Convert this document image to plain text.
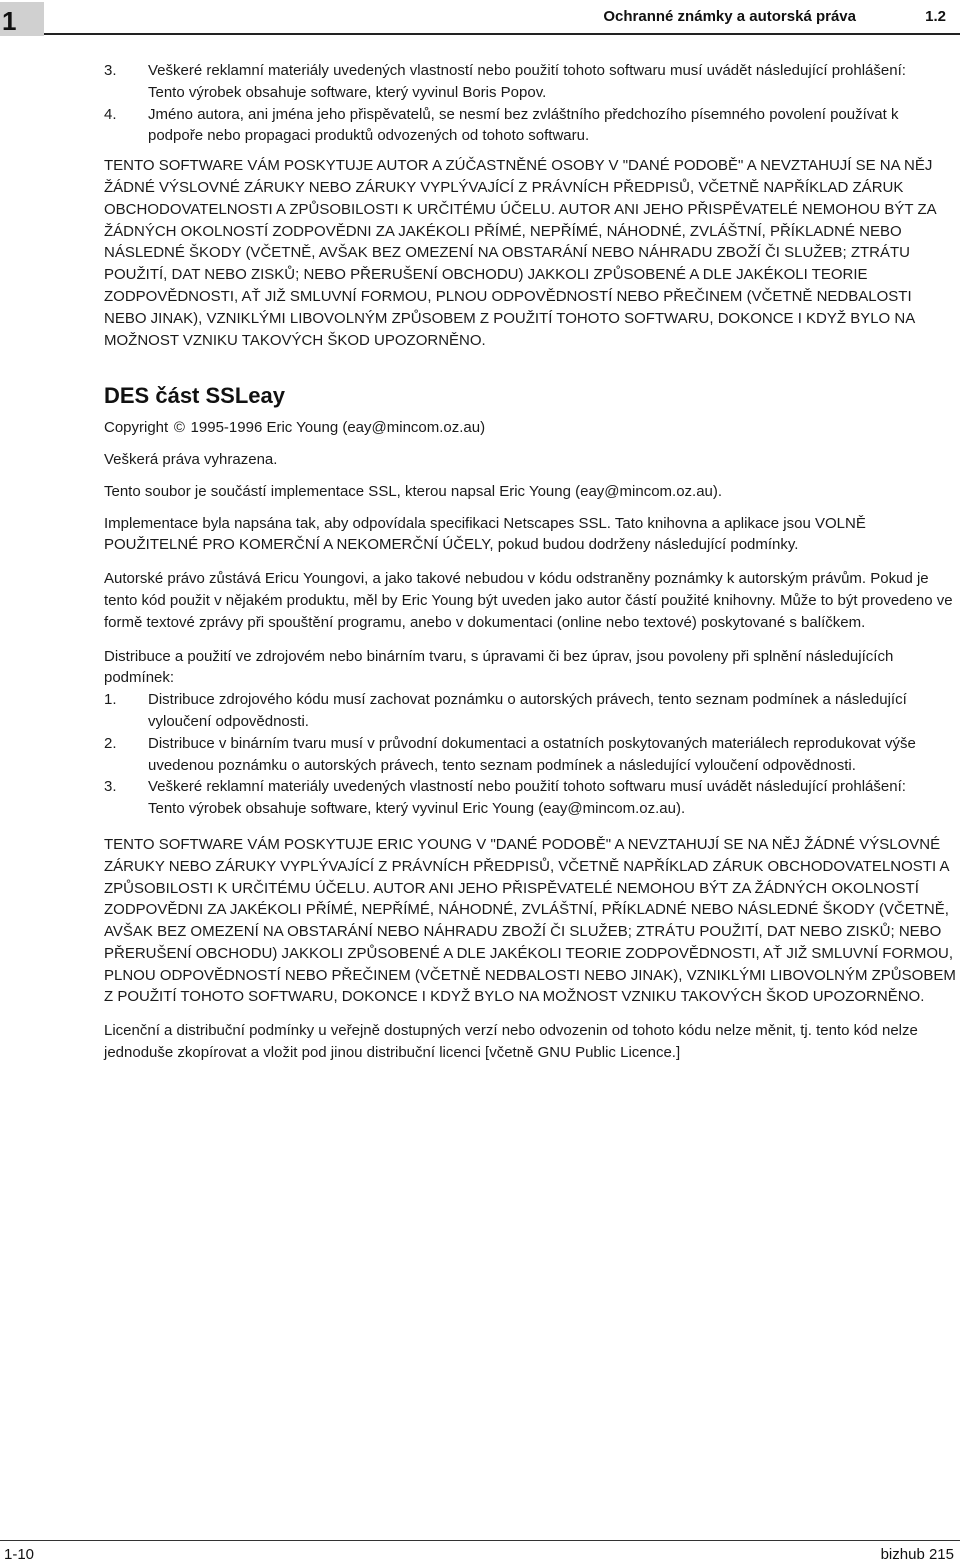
1	Ochranné známky a autorská práva	1.2
3.	Veškeré reklamní materiály uvedených vlastností nebo použití tohoto softwaru musí uvádět následující prohlášení:
Tento výrobek obsahuje software, který vyvinul Boris Popov.
4.	Jméno autora, ani jména jeho přispěvatelů, se nesmí bez zvláštního předchozího písemného povolení používat k podpoře nebo propagaci produktů odvozených od tohoto softwaru.

TENTO SOFTWARE VÁM POSKYTUJE AUTOR A ZÚČASTNĚNÉ OSOBY V "DANÉ PODOBĚ" A NEVZTAHUJÍ SE NA NĚJ ŽÁDNÉ VÝSLOVNÉ ZÁRUKY NEBO ZÁRUKY VYPLÝVAJÍCÍ Z PRÁVNÍCH PŘEDPISŮ, VČETNĚ NAPŘÍKLAD ZÁRUK OBCHODOVATELNOSTI A ZPŮSOBILOSTI K URČITÉMU ÚČELU. AUTOR ANI JEHO PŘISPĚVATELÉ NEMOHOU BÝT ZA ŽÁDNÝCH OKOLNOSTÍ ZODPOVĚDNI ZA JAKÉKOLI PŘÍMÉ, NEPŘÍMÉ, NÁHODNÉ, ZVLÁŠTNÍ, PŘÍKLADNÉ NEBO NÁSLEDNÉ ŠKODY (VČETNĚ, AVŠAK BEZ OMEZENÍ NA OBSTARÁNÍ NEBO NÁHRADU ZBOŽÍ ČI SLUŽEB; ZTRÁTU POUŽITÍ, DAT NEBO ZISKŮ; NEBO PŘERUŠENÍ OBCHODU) JAKKOLI ZPŮSOBENÉ A DLE JAKÉKOLI TEORIE ZODPOVĚDNOSTI, AŤ JIŽ SMLUVNÍ FORMOU, PLNOU ODPOVĚDNOSTÍ NEBO PŘEČINEM (VČETNĚ NEDBALOSTI NEBO JINAK), VZNIKLÝMI LIBOVOLNÝM ZPŮSOBEM Z POUŽITÍ TOHOTO SOFTWARU, DOKONCE I KDYŽ BYLO NA MOŽNOST VZNIKU TAKOVÝCH ŠKOD UPOZORNĚNO.

DES část SSLeay

Copyright © 1995-1996 Eric Young (eay@mincom.oz.au)

Veškerá práva vyhrazena.

Tento soubor je součástí implementace SSL, kterou napsal Eric Young (eay@mincom.oz.au).

Implementace byla napsána tak, aby odpovídala specifikaci Netscapes SSL. Tato knihovna a aplikace jsou VOLNĚ POUŽITELNÉ PRO KOMERČNÍ A NEKOMERČNÍ ÚČELY, pokud budou dodrženy následující podmínky.

Autorské právo zůstává Ericu Youngovi, a jako takové nebudou v kódu odstraněny poznámky k autorským právům. Pokud je tento kód použit v nějakém produktu, měl by Eric Young být uveden jako autor částí použité knihovny. Může to být provedeno ve formě textové zprávy při spouštění programu, anebo v dokumentaci (online nebo textové) poskytované s balíčkem.

Distribuce a použití ve zdrojovém nebo binárním tvaru, s úpravami či bez úprav, jsou povoleny při splnění následujících podmínek:

1.	Distribuce zdrojového kódu musí zachovat poznámku o autorských právech, tento seznam podmínek a následující vyloučení odpovědnosti.
2.	Distribuce v binárním tvaru musí v průvodní dokumentaci a ostatních poskytovaných materiálech reprodukovat výše uvedenou poznámku o autorských právech, tento seznam podmínek a následující vyloučení odpovědnosti.
3.	Veškeré reklamní materiály uvedených vlastností nebo použití tohoto softwaru musí uvádět následující prohlášení:
Tento výrobek obsahuje software, který vyvinul Eric Young (eay@mincom.oz.au).

TENTO SOFTWARE VÁM POSKYTUJE ERIC YOUNG V "DANÉ PODOBĚ" A NEVZTAHUJÍ SE NA NĚJ ŽÁDNÉ VÝSLOVNÉ ZÁRUKY NEBO ZÁRUKY VYPLÝVAJÍCÍ Z PRÁVNÍCH PŘEDPISŮ, VČETNĚ NAPŘÍKLAD ZÁRUK OBCHODOVATELNOSTI A ZPŮSOBILOSTI K URČITÉMU ÚČELU. AUTOR ANI JEHO PŘISPĚVATELÉ NEMOHOU BÝT ZA ŽÁDNÝCH OKOLNOSTÍ ZODPOVĚDNI ZA JAKÉKOLI PŘÍMÉ, NEPŘÍMÉ, NÁHODNÉ, ZVLÁŠTNÍ, PŘÍKLADNÉ NEBO NÁSLEDNÉ ŠKODY (VČETNĚ, AVŠAK BEZ OMEZENÍ NA OBSTARÁNÍ NEBO NÁHRADU ZBOŽÍ ČI SLUŽEB; ZTRÁTU POUŽITÍ, DAT NEBO ZISKŮ; NEBO PŘERUŠENÍ OBCHODU) JAKKOLI ZPŮSOBENÉ A DLE JAKÉKOLI TEORIE ZODPOVĚDNOSTI, AŤ JIŽ SMLUVNÍ FORMOU, PLNOU ODPOVĚDNOSTÍ NEBO PŘEČINEM (VČETNĚ NEDBALOSTI NEBO JINAK), VZNIKLÝMI LIBOVOLNÝM ZPŮSOBEM Z POUŽITÍ TOHOTO SOFTWARU, DOKONCE I KDYŽ BYLO NA MOŽNOST VZNIKU TAKOVÝCH ŠKOD UPOZORNĚNO.

Licenční a distribuční podmínky u veřejně dostupných verzí nebo odvozenin od tohoto kódu nelze měnit, tj. tento kód nelze jednoduše zkopírovat a vložit pod jinou distribuční licenci [včetně GNU Public Licence.]

1-10	bizhub 215
